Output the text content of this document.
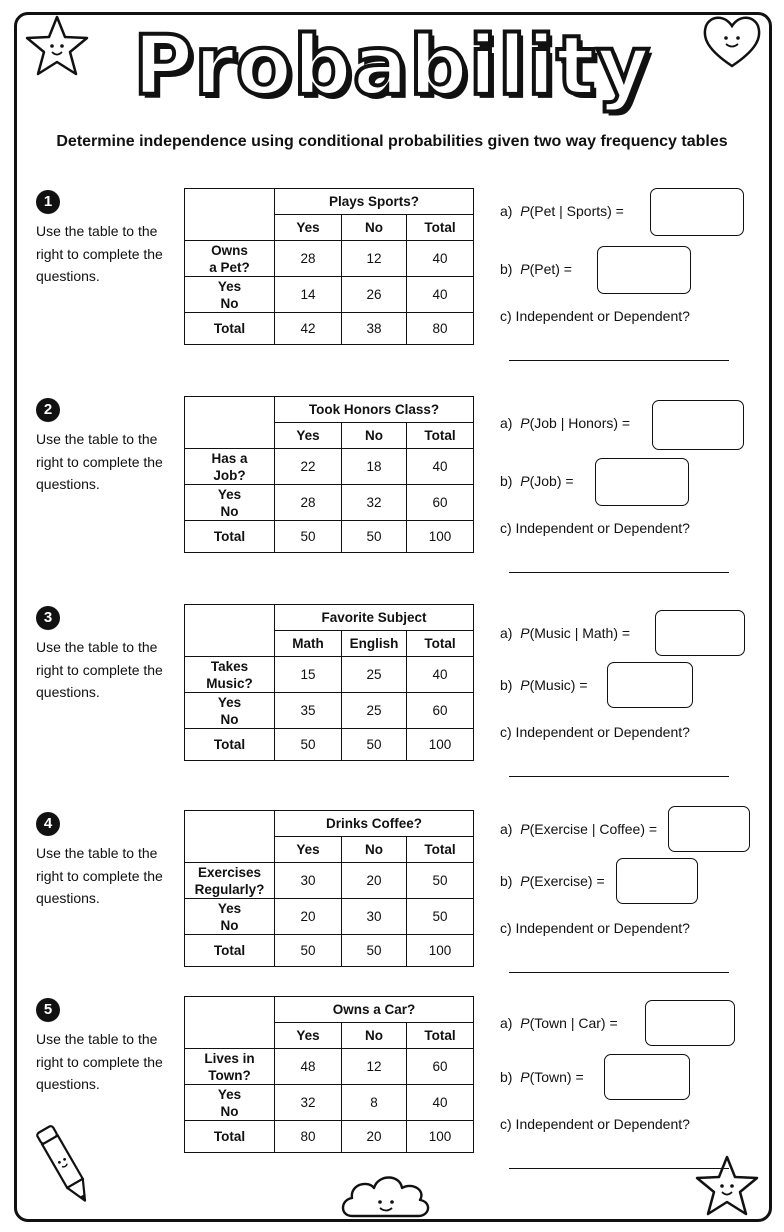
Probability
Determine independence using conditional probabilities given two way frequency tables
1
Use the table to the right to complete the questions.
	Plays Sports?		
	Yes	No	Total

Owns
a Pet?	28	12	40

Yes
No	14	26	40
Total	42	38	80
2
Use the table to the right to complete the questions.
	Took Honors Class?		
	Yes	No	Total

Has a
Job?	22	18	40

Yes
No	28	32	60
Total	50	50	100
3
Use the table to the right to complete the questions.
	Favorite Subject		
	Math	English	Total

Takes
Music?	15	25	40

Yes
No	35	25	60
Total	50	50	100
4
Use the table to the right to complete the questions.
	Drinks Coffee?		
	Yes	No	Total

Exercises
Regularly?	30	20	50

Yes
No	20	30	50
Total	50	50	100
5
Use the table to the right to complete the questions.
	Owns a Car?		
	Yes	No	Total

Lives in
Town?	48	12	60

Yes
No	32	8	40
Total	80	20	100
a) P(Pet | Sports) =
b) P(Pet) =
c) Independent or Dependent?
a) P(Job | Honors) =
b) P(Job) =
c) Independent or Dependent?
a) P(Music | Math) =
b) P(Music) =
c) Independent or Dependent?
a) P(Exercise | Coffee) =
b) P(Exercise) =
c) Independent or Dependent?
a) P(Town | Car) =
b) P(Town) =
c) Independent or Dependent?
